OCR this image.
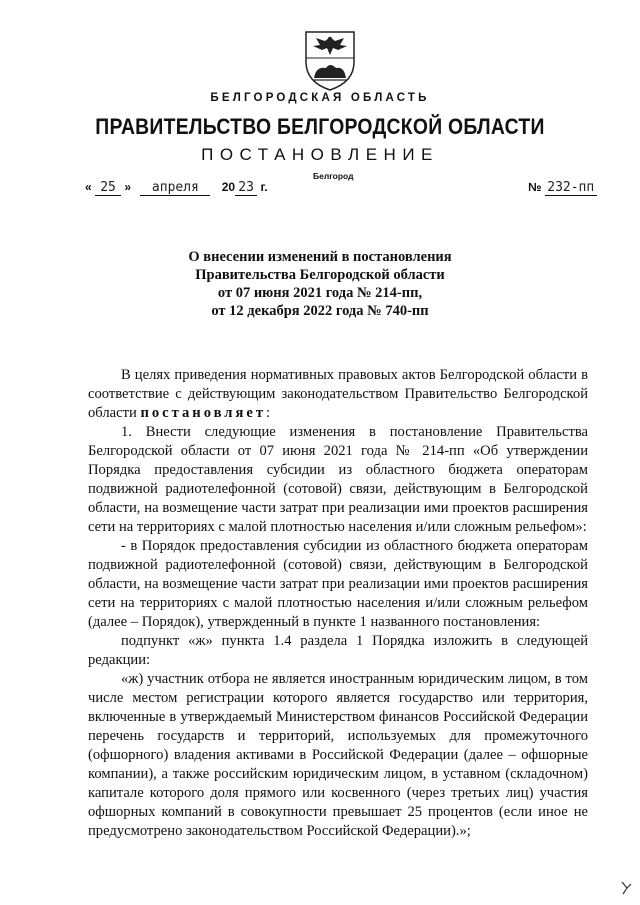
БЕЛГОРОДСКАЯ ОБЛАСТЬ
ПРАВИТЕЛЬСТВО БЕЛГОРОДСКОЙ ОБЛАСТИ
ПОСТАНОВЛЕНИЕ
Белгород
« 25 » апреля 20 23 г.	№ 232-пп
О внесении изменений в постановления
Правительства Белгородской области
от 07 июня 2021 года № 214-пп,
от 12 декабря 2022 года № 740-пп

В целях приведения нормативных правовых актов Белгородской области в соответствие с действующим законодательством Правительство Белгородской области постановляет:

1. Внести следующие изменения в постановление Правительства Белгородской области от 07 июня 2021 года № 214-пп «Об утверждении Порядка предоставления субсидии из областного бюджета операторам подвижной радиотелефонной (сотовой) связи, действующим в Белгородской области, на возмещение части затрат при реализации ими проектов расширения сети на территориях с малой плотностью населения и/или сложным рельефом»:

- в Порядок предоставления субсидии из областного бюджета операторам подвижной радиотелефонной (сотовой) связи, действующим в Белгородской области, на возмещение части затрат при реализации ими проектов расширения сети на территориях с малой плотностью населения и/или сложным рельефом (далее – Порядок), утвержденный в пункте 1 названного постановления:

подпункт «ж» пункта 1.4 раздела 1 Порядка изложить в следующей редакции:

«ж) участник отбора не является иностранным юридическим лицом, в том числе местом регистрации которого является государство или территория, включенные в утверждаемый Министерством финансов Российской Федерации перечень государств и территорий, используемых для промежуточного (офшорного) владения активами в Российской Федерации (далее – офшорные компании), а также российским юридическим лицом, в уставном (складочном) капитале которого доля прямого или косвенного (через третьих лиц) участия офшорных компаний в совокупности превышает 25 процентов (если иное не предусмотрено законодательством Российской Федерации).»;
